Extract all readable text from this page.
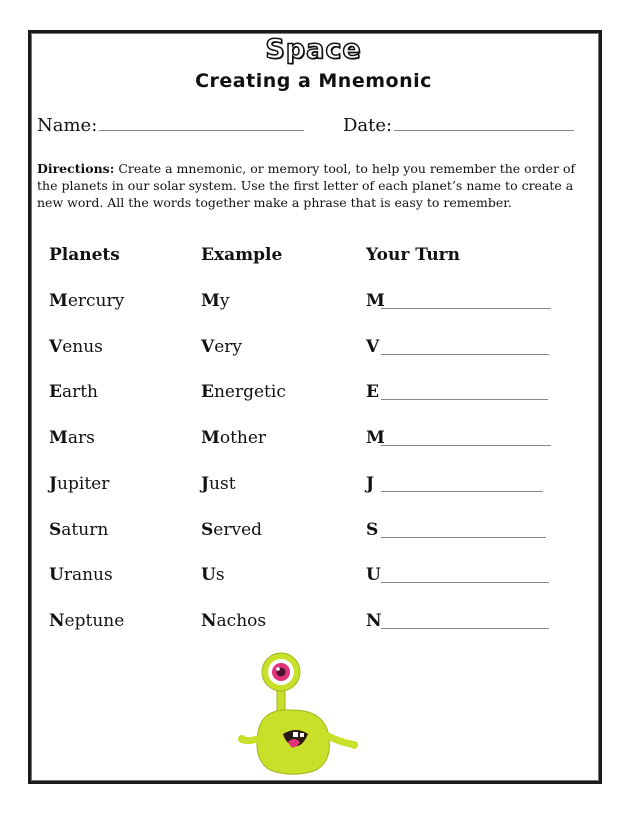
Space
Creating a Mnemonic
Name:	Date:
Directions: Create a mnemonic, or memory tool, to help you remember the order of the planets in our solar system. Use the first letter of each planet’s name to create a new word. All the words together make a phrase that is easy to remember.
Planets	Example	Your Turn
Mercury	My	M
Venus	Very	V
Earth	Energetic	E
Mars	Mother	M
Jupiter	Just	J
Saturn	Served	S
Uranus	Us	U
Neptune	Nachos	N
